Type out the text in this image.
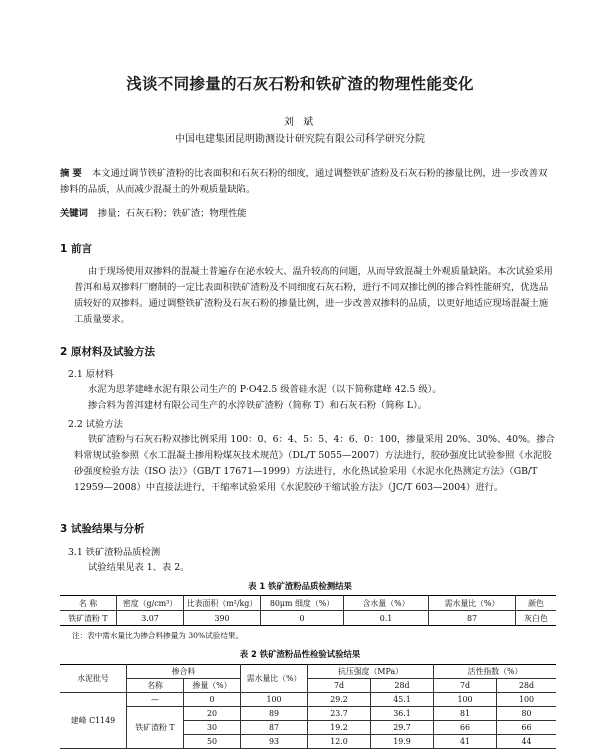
浅谈不同掺量的石灰石粉和铁矿渣的物理性能变化
刘 斌
中国电建集团昆明勘测设计研究院有限公司科学研究分院
摘 要 本文通过调节铁矿渣粉的比表面积和石灰石粉的细度，通过调整铁矿渣粉及石灰石粉的掺量比例，进一步改善双掺料的品质，从而减少混凝土的外观质量缺陷。
关键词 掺量；石灰石粉；铁矿渣；物理性能
1 前言

由于现场使用双掺料的混凝土普遍存在泌水较大、温升较高的问题，从而导致混凝土外观质量缺陷。本次试验采用普洱和易双掺料厂磨制的一定比表面积铁矿渣粉及不同细度石灰石粉，进行不同双掺比例的掺合料性能研究，优选品质较好的双掺料。通过调整铁矿渣粉及石灰石粉的掺量比例，进一步改善双掺料的品质，以更好地适应现场混凝土施工质量要求。

2 原材料及试验方法
2.1 原材料

水泥为思茅建峰水泥有限公司生产的 P·O42.5 级普硅水泥（以下简称建峰 42.5 级）。

掺合料为普洱建材有限公司生产的水淬铁矿渣粉（简称 T）和石灰石粉（简称 L）。

2.2 试验方法

铁矿渣粉与石灰石粉双掺比例采用 100：0、6：4、5：5、4：6、0：100，掺量采用 20%、30%、40%。掺合料常规试验参照《水工混凝土掺用粉煤灰技术规范》（DL/T 5055—2007）方法进行，胶砂强度比试验参照《水泥胶砂强度检验方法（ISO 法）》（GB/T 17671—1999）方法进行，水化热试验采用《水泥水化热测定方法》（GB/T 12959—2008）中直接法进行，干缩率试验采用《水泥胶砂干缩试验方法》（JC/T 603—2004）进行。

3 试验结果与分析
3.1 铁矿渣粉品质检测

试验结果见表 1、表 2。

表 1 铁矿渣粉品质检测结果
名 称	密度（g/cm³）	比表面积（m²/kg）	80μm 细度（%）	含水量（%）	需水量比（%）	颜色
铁矿渣粉 T	3.07	390	0	0.1	87	灰白色
注：表中需水量比为掺合料掺量为 30%试验结果。
表 2 铁矿渣粉品性检验试验结果
水泥批号	掺合料		需水量比（%）	抗压强度（MPa）		活性指数（%）	
	名称	掺量（%）		7d	28d	7d	28d
建峰 C1149	—	0	100	29.2	45.1	100	100
	铁矿渣粉 T	20	89	23.7	36.1	81	80
		30	87	19.2	29.7	66	66
		50	93	12.0	19.9	41	44
